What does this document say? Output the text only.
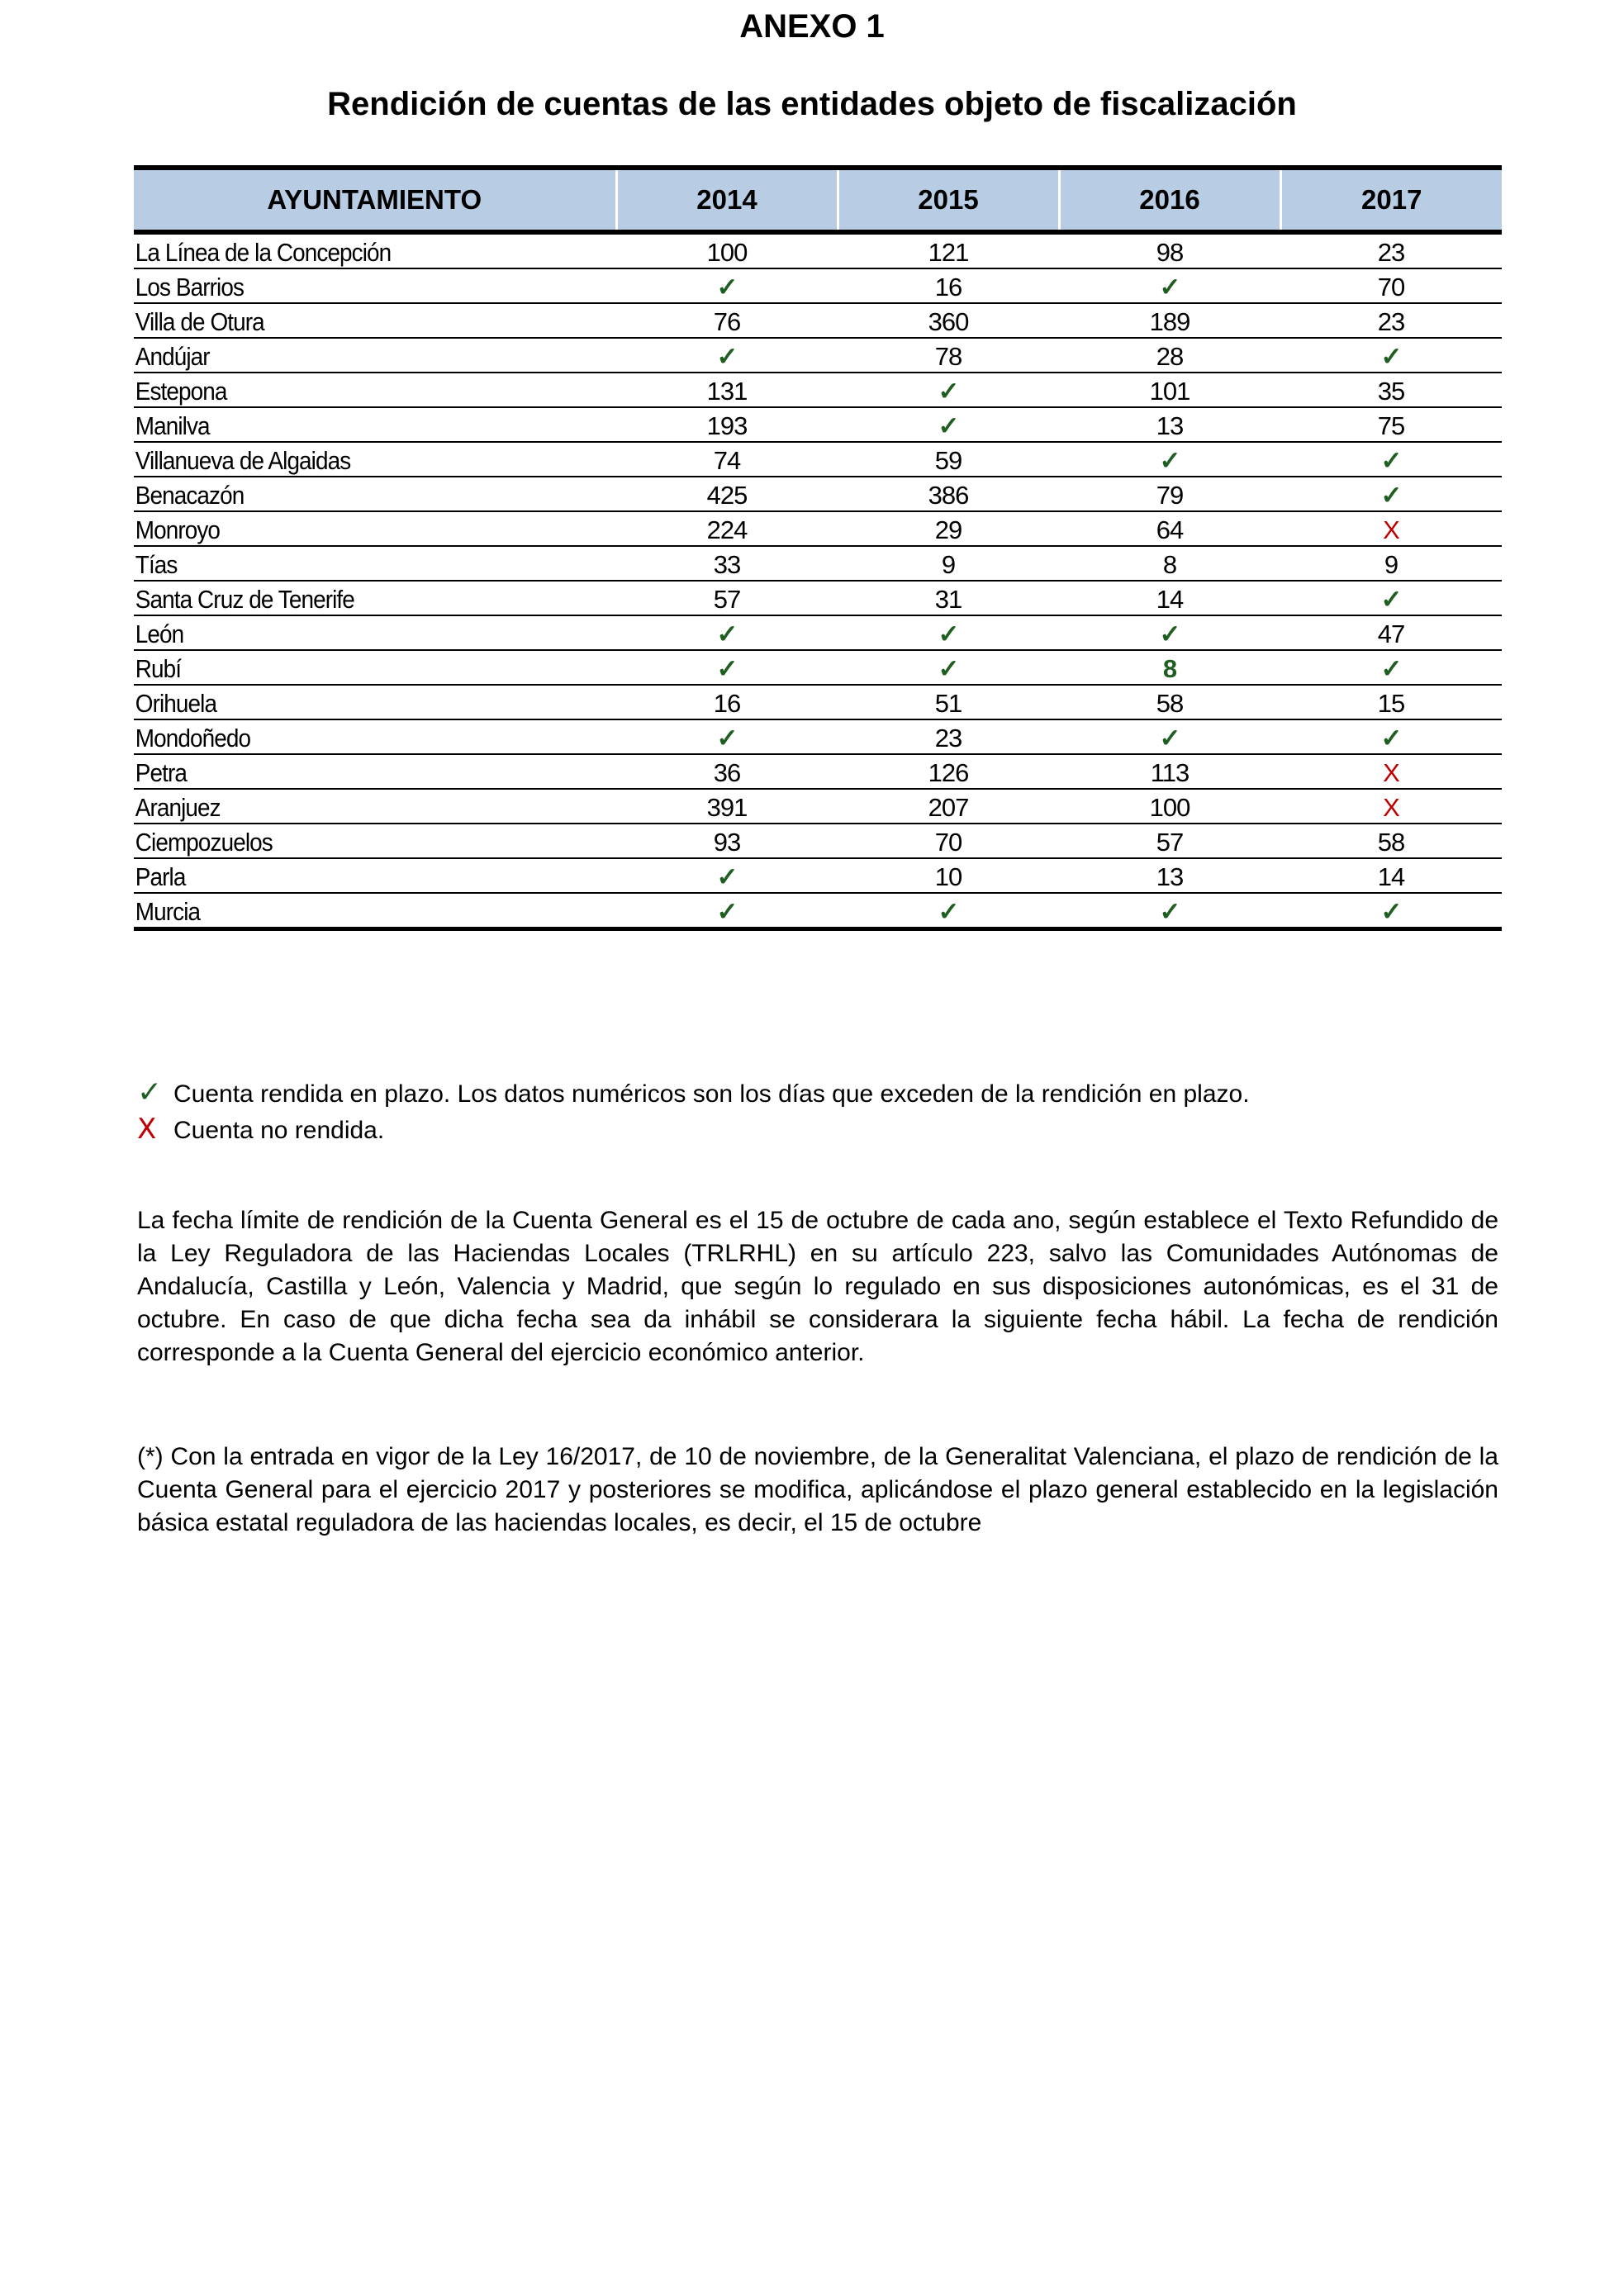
ANEXO 1
Rendición de cuentas de las entidades objeto de fiscalización
AYUNTAMIENTO	2014	2015	2016	2017
La Línea de la Concepción	100	121	98	23
Los Barrios	✓	16	✓	70
Villa de Otura	76	360	189	23
Andújar	✓	78	28	✓
Estepona	131	✓	101	35
Manilva	193	✓	13	75
Villanueva de Algaidas	74	59	✓	✓
Benacazón	425	386	79	✓
Monroyo	224	29	64	X
Tías	33	9	8	9
Santa Cruz de Tenerife	57	31	14	✓
León	✓	✓	✓	47
Rubí	✓	✓	8	✓
Orihuela	16	51	58	15
Mondoñedo	✓	23	✓	✓
Petra	36	126	113	X
Aranjuez	391	207	100	X
Ciempozuelos	93	70	57	58
Parla	✓	10	13	14
Murcia	✓	✓	✓	✓
✓ Cuenta rendida en plazo. Los datos numéricos son los días que exceden de la rendición en plazo.
X Cuenta no rendida.
La fecha límite de rendición de la Cuenta General es el 15 de octubre de cada ano, según establece el Texto Refundido de la Ley Reguladora de las Haciendas Locales (TRLRHL) en su artículo 223, salvo las Comunidades Autónomas de Andalucía, Castilla y León, Valencia y Madrid, que según lo regulado en sus disposiciones autonómicas, es el 31 de octubre. En caso de que dicha fecha sea da inhábil se considerara la siguiente fecha hábil. La fecha de rendición corresponde a la Cuenta General del ejercicio económico anterior.
(*) Con la entrada en vigor de la Ley 16/2017, de 10 de noviembre, de la Generalitat Valenciana, el plazo de rendición de la Cuenta General para el ejercicio 2017 y posteriores se modifica, aplicándose el plazo general establecido en la legislación básica estatal reguladora de las haciendas locales, es decir, el 15 de octubre
